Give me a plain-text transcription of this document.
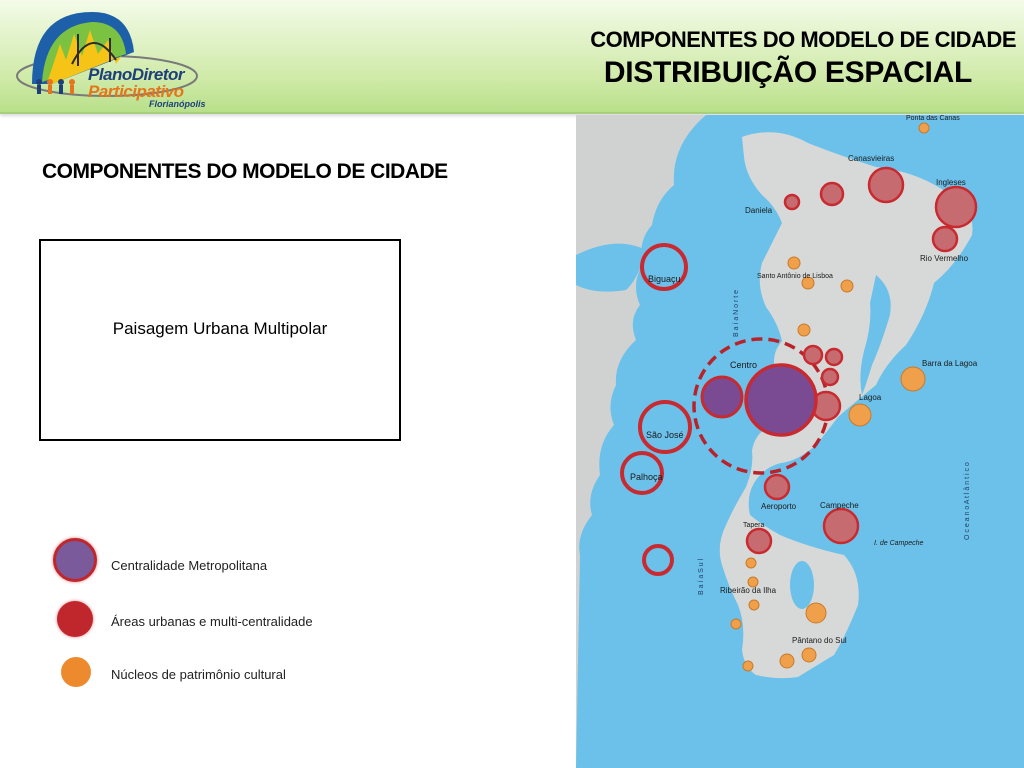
PlanoDiretor
Participativo
Florianópolis
COMPONENTES DO MODELO DE CIDADE
DISTRIBUIÇÃO ESPACIAL
COMPONENTES DO MODELO DE CIDADE
Paisagem Urbana Multipolar
Centralidade Metropolitana
Áreas urbanas e multi-centralidade
Núcleos de patrimônio cultural
B a í a N o r t e
B a í a S u l
O c e a n o A t l â n t i c o
Ponta das Canas
Canasvieiras
Ingleses
Daniela
Rio Vermelho
Biguaçu	Santo Antônio de Lisboa
Centro	Barra da Lagoa
Lagoa
São José
Palhoça
Aeroporto	Campeche
I. de Campeche
Tapera
Ribeirão da Ilha
Pântano do Sul
